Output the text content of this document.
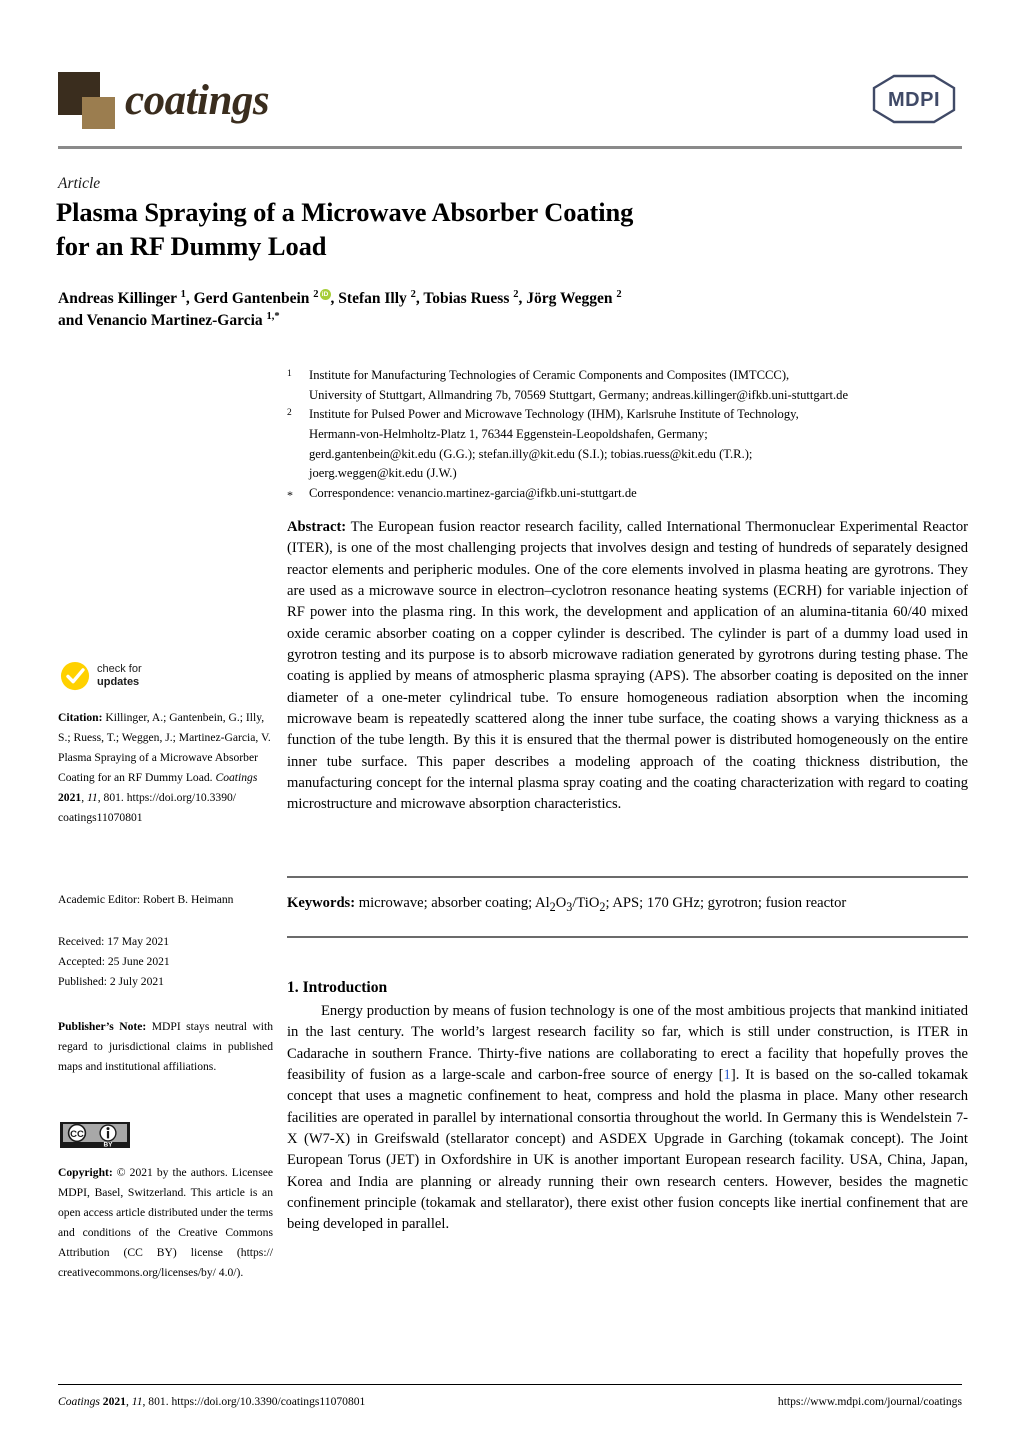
coatings	MDPI
Article
Plasma Spraying of a Microwave Absorber Coating
for an RF Dummy Load
Andreas Killinger $^1$, Gerd Gantenbein $^2$ iD , Stefan Illy $^2$, Tobias Ruess $^2$, Jörg Weggen $^2$
and Venancio Martinez-Garcia $^{1,*}$
1	Institute for Manufacturing Technologies of Ceramic Components and Composites (IMTCCC),
University of Stuttgart, Allmandring 7b, 70569 Stuttgart, Germany; andreas.killinger@ifkb.uni-stuttgart.de
2	Institute for Pulsed Power and Microwave Technology (IHM), Karlsruhe Institute of Technology,
Hermann-von-Helmholtz-Platz 1, 76344 Eggenstein-Leopoldshafen, Germany;
gerd.gantenbein@kit.edu (G.G.); stefan.illy@kit.edu (S.I.); tobias.ruess@kit.edu (T.R.);
joerg.weggen@kit.edu (J.W.)
*	Correspondence: venancio.martinez-garcia@ifkb.uni-stuttgart.de
Abstract: The European fusion reactor research facility, called International Thermonuclear Experimental Reactor (ITER), is one of the most challenging projects that involves design and testing of hundreds of separately designed reactor elements and peripheric modules. One of the core elements involved in plasma heating are gyrotrons. They are used as a microwave source in electron–cyclotron resonance heating systems (ECRH) for variable injection of RF power into the plasma ring. In this work, the development and application of an alumina-titania 60/40 mixed oxide ceramic absorber coating on a copper cylinder is described. The cylinder is part of a dummy load used in gyrotron testing and its purpose is to absorb microwave radiation generated by gyrotrons during testing phase. The coating is applied by means of atmospheric plasma spraying (APS). The absorber coating is deposited on the inner diameter of a one-meter cylindrical tube. To ensure homogeneous radiation absorption when the incoming microwave beam is repeatedly scattered along the inner tube surface, the coating shows a varying thickness as a function of the tube length. By this it is ensured that the thermal power is distributed homogeneously on the entire inner tube surface. This paper describes a modeling approach of the coating thickness distribution, the manufacturing concept for the internal plasma spray coating and the coating characterization with regard to coating microstructure and microwave absorption characteristics.
Keywords: microwave; absorber coating; $Al_2O_3/TiO_2$; APS; 170 GHz; gyrotron; fusion reactor
1. Introduction

Energy production by means of fusion technology is one of the most ambitious projects that mankind initiated in the last century. The world’s largest research facility so far, which is still under construction, is ITER in Cadarache in southern France. Thirty-five nations are collaborating to erect a facility that hopefully proves the feasibility of fusion as a large-scale and carbon-free source of energy [1]. It is based on the so-called tokamak concept that uses a magnetic confinement to heat, compress and hold the plasma in place. Many other research facilities are operated in parallel by international consortia throughout the world. In Germany this is Wendelstein 7-X (W7-X) in Greifswald (stellarator concept) and ASDEX Upgrade in Garching (tokamak concept). The Joint European Torus (JET) in Oxfordshire in UK is another important European research facility. USA, China, Japan, Korea and India are planning or already running their own research centers. However, besides the magnetic confinement principle (tokamak and stellarator), there exist other fusion concepts like inertial confinement that are being developed in parallel.

check for
updates
Citation: Killinger, A.; Gantenbein, G.; Illy, S.; Ruess, T.; Weggen, J.; Martinez-Garcia, V. Plasma Spraying of a Microwave Absorber Coating for an RF Dummy Load. Coatings 2021, 11, 801. https://doi.org/10.3390/ coatings11070801
Academic Editor: Robert B. Heimann
Received: 17 May 2021
Accepted: 25 June 2021
Published: 2 July 2021
Publisher’s Note: MDPI stays neutral with regard to jurisdictional claims in published maps and institutional affiliations.
CC
BY
Copyright: © 2021 by the authors. Licensee MDPI, Basel, Switzerland. This article is an open access article distributed under the terms and conditions of the Creative Commons Attribution (CC BY) license (https:// creativecommons.org/licenses/by/ 4.0/).
Coatings 2021, 11, 801. https://doi.org/10.3390/coatings11070801	https://www.mdpi.com/journal/coatings
